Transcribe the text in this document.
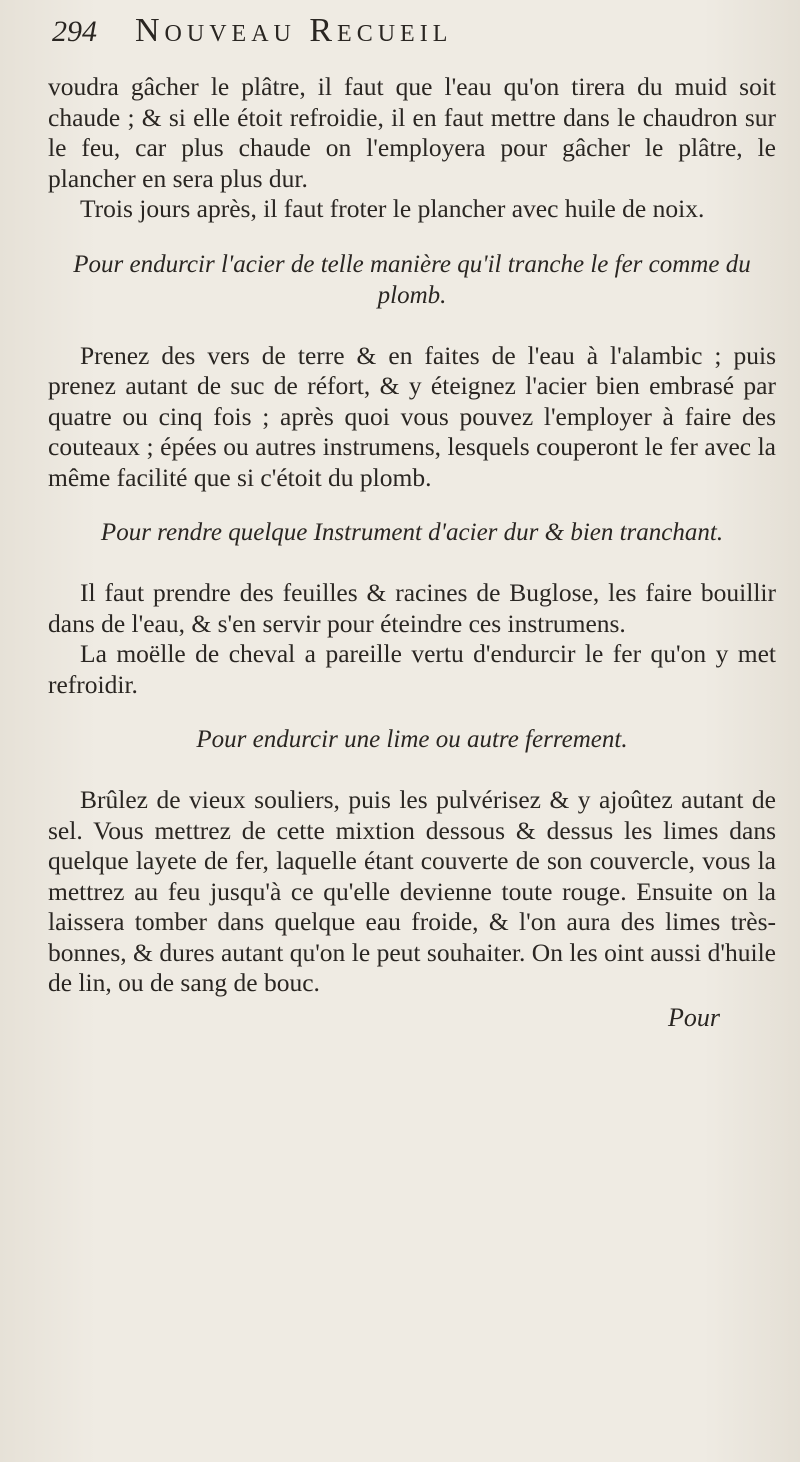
294 Nouveau Recueil

voudra gâcher le plâtre, il faut que l'eau qu'on tirera du muid soit chaude ; & si elle étoit refroidie, il en faut mettre dans le chaudron sur le feu, car plus chaude on l'employera pour gâcher le plâtre, le plancher en sera plus dur.

Trois jours après, il faut froter le plancher avec huile de noix.

Pour endurcir l'acier de telle manière qu'il tranche le fer comme du plomb.

Prenez des vers de terre & en faites de l'eau à l'alambic ; puis prenez autant de suc de réfort, & y éteignez l'acier bien embrasé par quatre ou cinq fois ; après quoi vous pouvez l'employer à faire des couteaux ; épées ou autres instrumens, lesquels couperont le fer avec la même facilité que si c'étoit du plomb.

Pour rendre quelque Instrument d'acier dur & bien tranchant.

Il faut prendre des feuilles & racines de Buglose, les faire bouillir dans de l'eau, & s'en servir pour éteindre ces instrumens.

La moëlle de cheval a pareille vertu d'endurcir le fer qu'on y met refroidir.

Pour endurcir une lime ou autre ferrement.

Brûlez de vieux souliers, puis les pulvérisez & y ajoûtez autant de sel. Vous mettrez de cette mixtion dessous & dessus les limes dans quelque layete de fer, laquelle étant couverte de son couvercle, vous la mettrez au feu jusqu'à ce qu'elle devienne toute rouge. Ensuite on la laissera tomber dans quelque eau froide, & l'on aura des limes très-bonnes, & dures autant qu'on le peut souhaiter. On les oint aussi d'huile de lin, ou de sang de bouc.

Pour
